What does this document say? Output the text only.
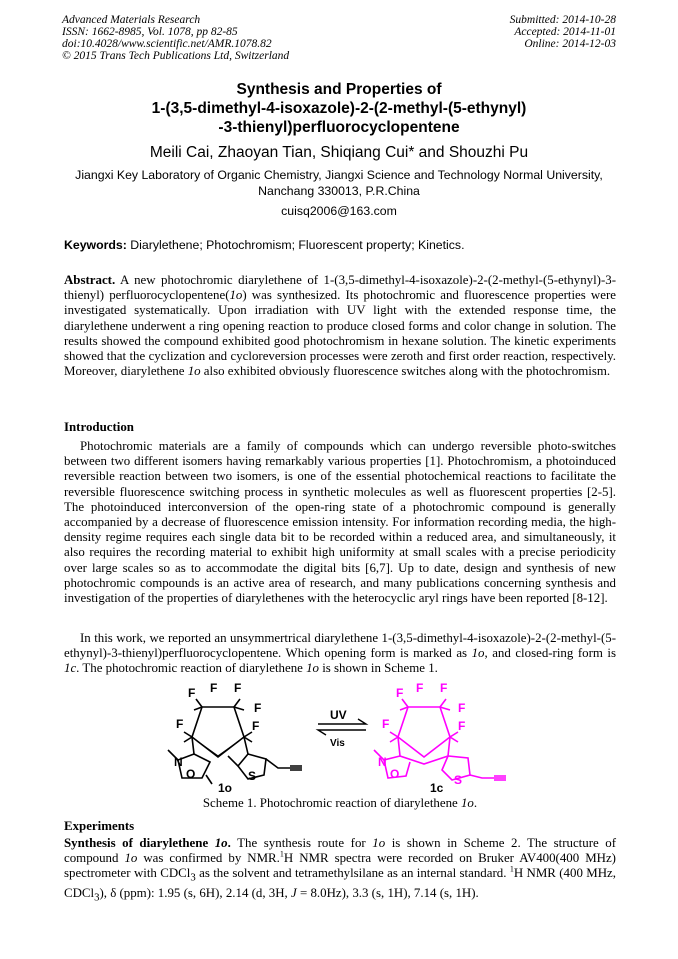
Advanced Materials Research
ISSN: 1662-8985, Vol. 1078, pp 82-85
doi:10.4028/www.scientific.net/AMR.1078.82
© 2015 Trans Tech Publications Ltd, Switzerland
Submitted: 2014-10-28
Accepted: 2014-11-01
Online: 2014-12-03
Synthesis and Properties of
1-(3,5-dimethyl-4-isoxazole)-2-(2-methyl-(5-ethynyl)
-3-thienyl)perfluorocyclopentene
Meili Cai, Zhaoyan Tian, Shiqiang Cui* and Shouzhi Pu
Jiangxi Key Laboratory of Organic Chemistry, Jiangxi Science and Technology Normal University, Nanchang 330013, P.R.China
cuisq2006@163.com
Keywords: Diarylethene; Photochromism; Fluorescent property; Kinetics.
Abstract. A new photochromic diarylethene of 1-(3,5-dimethyl-4-isoxazole)-2-(2-methyl-(5-ethynyl)-3-thienyl) perfluorocyclopentene(1o) was synthesized. Its photochromic and fluorescence properties were investigated systematically. Upon irradiation with UV light with the extended response time, the diarylethene underwent a ring opening reaction to produce closed forms and color change in solution. The results showed the compound exhibited good photochromism in hexane solution. The kinetic experiments showed that the cyclization and cycloreversion processes were zeroth and first order reaction, respectively. Moreover, diarylethene 1o also exhibited obviously fluorescence switches along with the photochromism.
Introduction
Photochromic materials are a family of compounds which can undergo reversible photo-switches between two different isomers having remarkably various properties [1]. Photochromism, a photoinduced reversible reaction between two isomers, is one of the essential photochemical reactions to facilitate the reversible fluorescence switching process in synthetic molecules as well as fluorescent properties [2-5]. The photoinduced interconversion of the open-ring state of a photochromic compound is generally accompanied by a decrease of fluorescence emission intensity. For information recording media, the high-density regime requires each single data bit to be recorded within a reduced area, and simultaneously, it also requires the recording material to exhibit high uniformity at small scales with a precise periodicity over large scales so as to accommodate the digital bits [6,7]. Up to date, design and synthesis of new photochromic compounds is an active area of research, and many publications concerning synthesis and investigation of the properties of diarylethenes with the heterocyclic aryl rings have been reported [8-12].
In this work, we reported an unsymmertrical diarylethene 1-(3,5-dimethyl-4-isoxazole)-2-(2-methyl-(5-ethynyl)-3-thienyl)perfluorocyclopentene. Which opening form is marked as 1o, and closed-ring form is 1c. The photochromic reaction of diarylethene 1o is shown in Scheme 1.
F F F
F
F	F
N
O	S
1o
UV
Vis
F F F
F
F	F
N
O	S
1c
Scheme 1. Photochromic reaction of diarylethene 1o.
Experiments
Synthesis of diarylethene 1o. The synthesis route for 1o is shown in Scheme 2. The structure of compound 1o was confirmed by NMR.$^1$H NMR spectra were recorded on Bruker AV400(400 MHz) spectrometer with CDCl$_3$ as the solvent and tetramethylsilane as an internal standard. $^1$H NMR (400 MHz, CDCl$_3$), δ (ppm): 1.95 (s, 6H), 2.14 (d, 3H, J = 8.0Hz), 3.3 (s, 1H), 7.14 (s, 1H).
